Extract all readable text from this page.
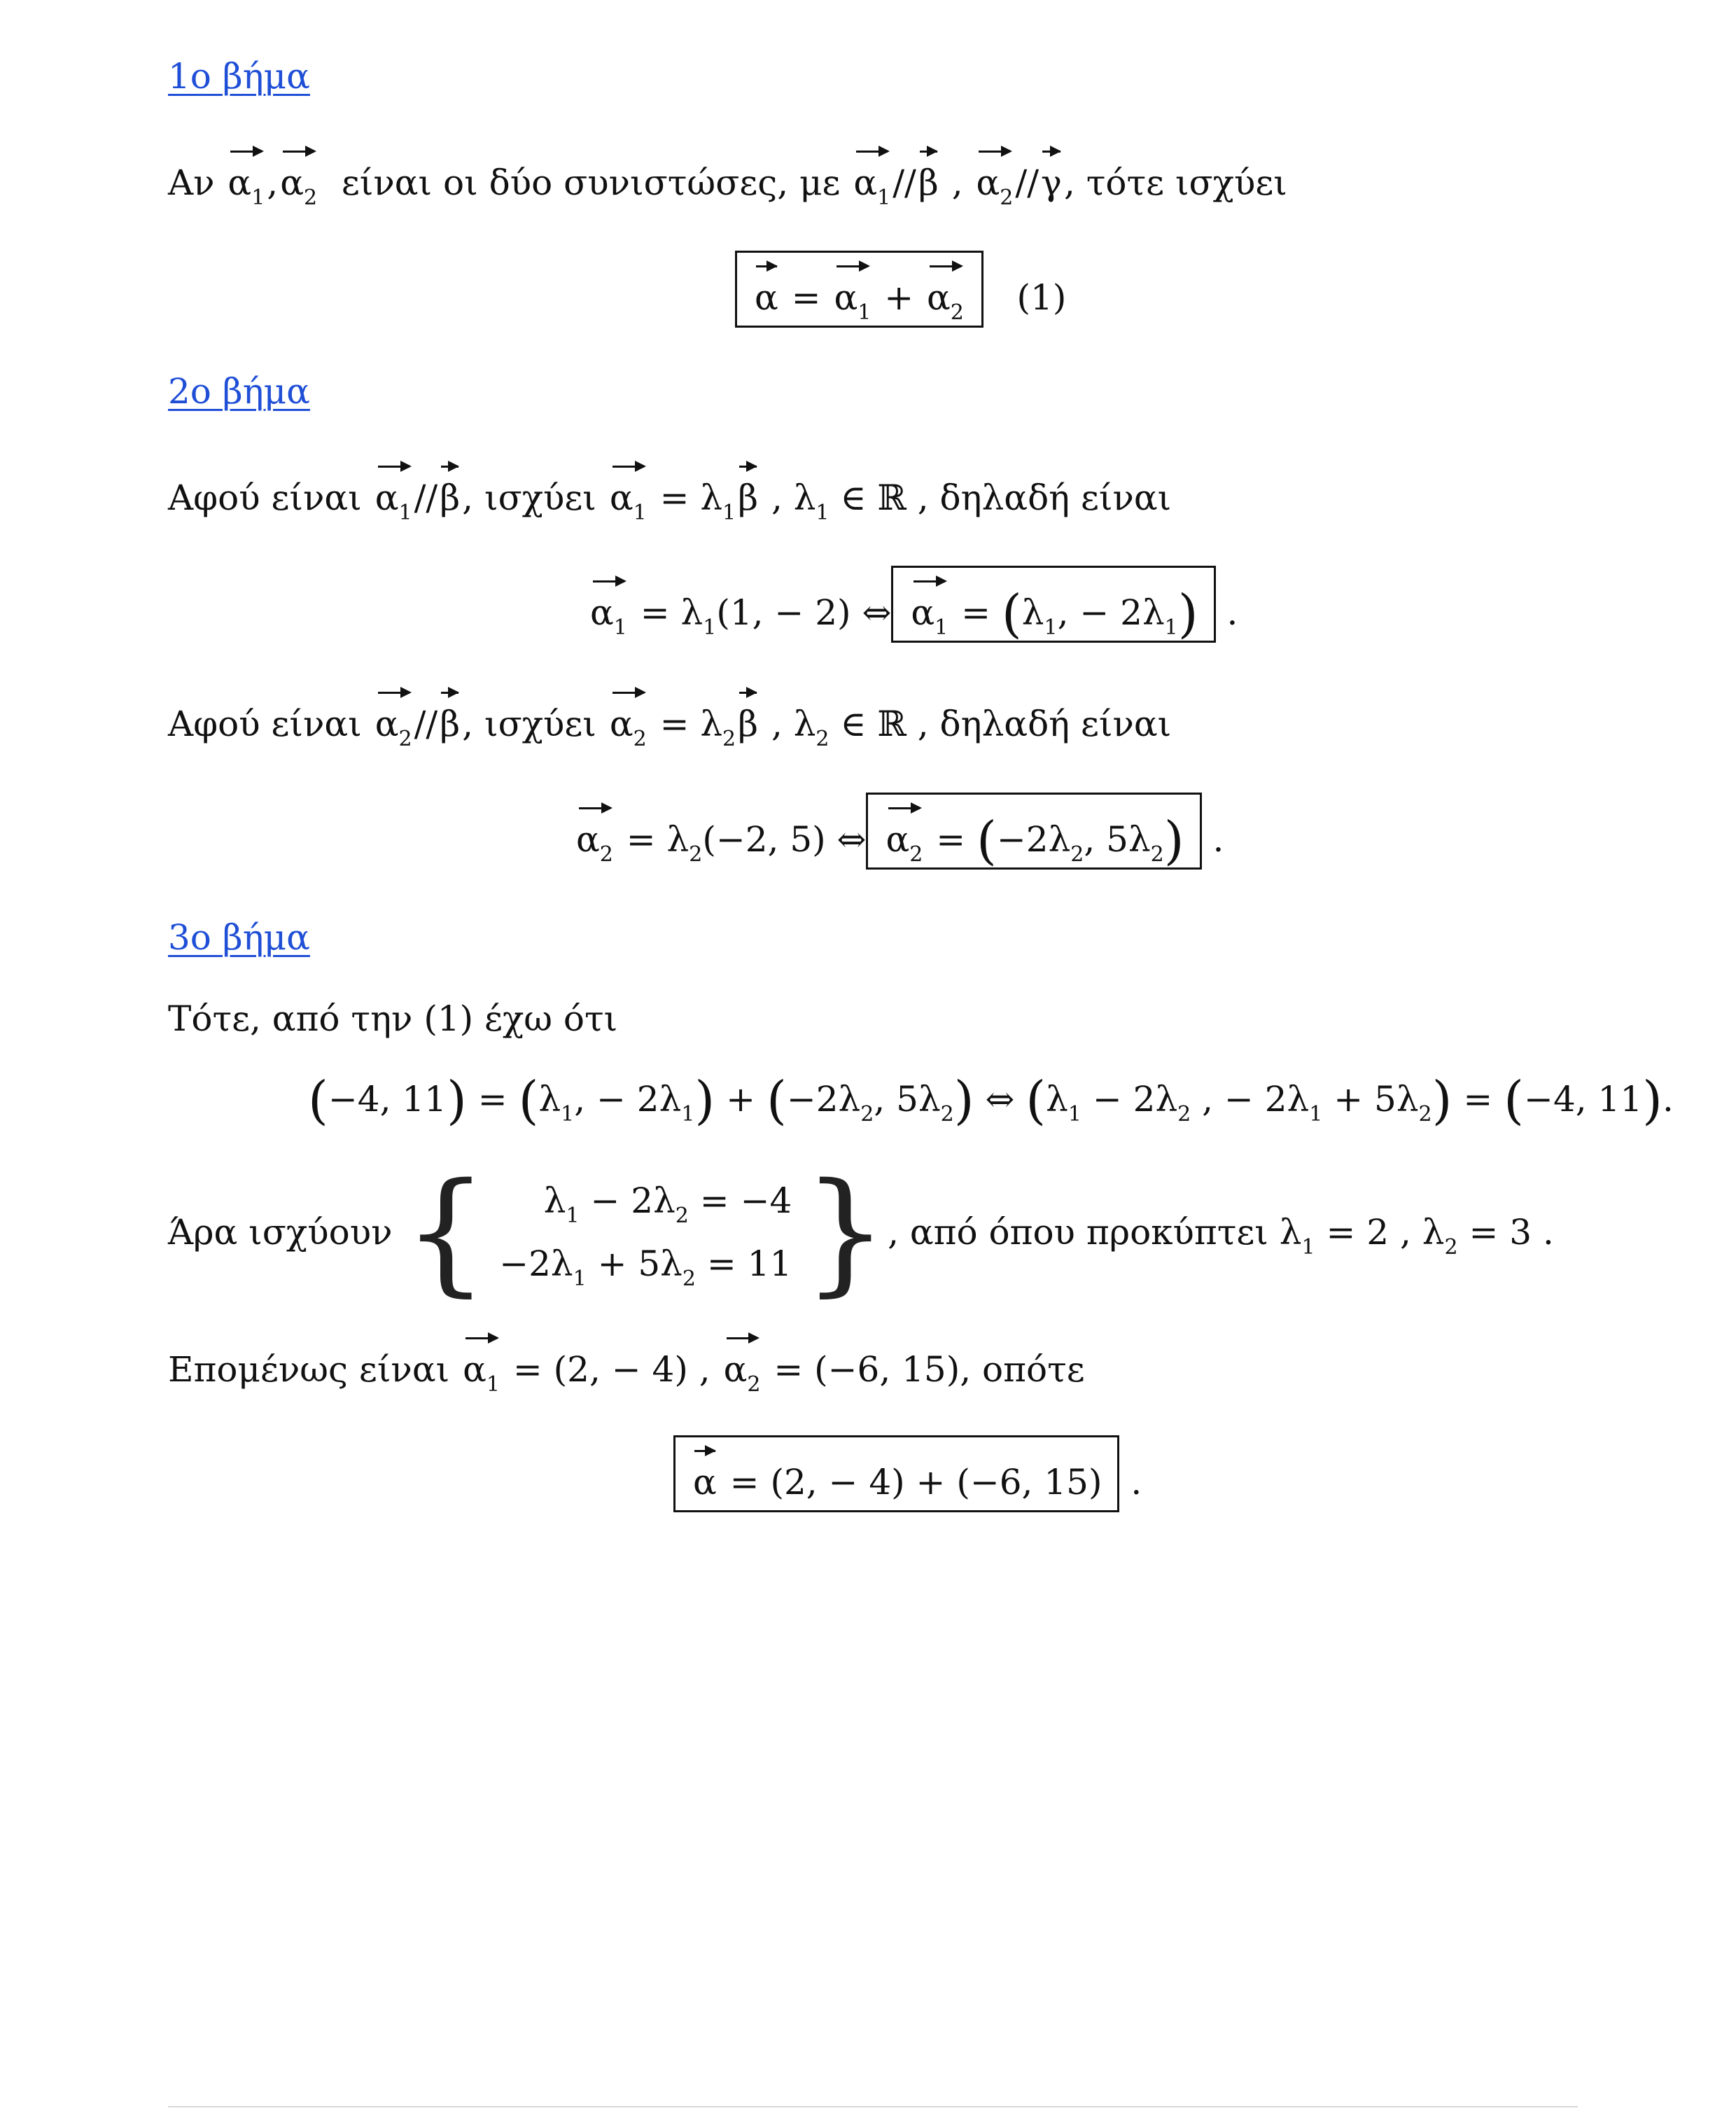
1ο βήμα
Αν $\alpha_1,\alpha_2$ είναι οι δύο συνιστώσες, με $\alpha_1//\beta$ , $\alpha_2//\gamma$, τότε ισχύει
$\alpha = \alpha_1 + \alpha_2$ (1)
2ο βήμα
Αφού είναι $\alpha_1//\beta$, ισχύει $\alpha_1 = \lambda_1\beta$ , $\lambda_1$ ∈ ℝ , δηλαδή είναι
$\alpha_1 = \lambda_1(1$, − 2) ⇔ $\alpha_1 = (\lambda_1$, − $2\lambda_1$) .
Αφού είναι $\alpha_2//\beta$, ισχύει $\alpha_2 = \lambda_2\beta$ , $\lambda_2$ ∈ ℝ , δηλαδή είναι
$\alpha_2 = \lambda_2(-2$, 5) ⇔ $\alpha_2 = (-2\lambda_2$, $5\lambda_2$) .
3ο βήμα
Τότε, από την (1) έχω ότι
(−4, $11) = (\lambda_1$, − $2\lambda_1) + (-2\lambda_2$, $5\lambda_2$) ⇔ ($\lambda_1 - 2\lambda_2$ , − $2\lambda_1 + 5\lambda_2) = (-4$, 11).
Άρα ισχύουν {	$\lambda_1 - 2\lambda_2 = -4$
$-2\lambda_1 + 5\lambda_2 = 11$ }, από όπου προκύπτει $\lambda_1 = 2$ , $\lambda_2 = 3$ .
Επομένως είναι $\alpha_1 = (2$, − 4) , $\alpha_2 = (-6$, 15), οπότε
α = (2, − 4) + (−6, 15) .
